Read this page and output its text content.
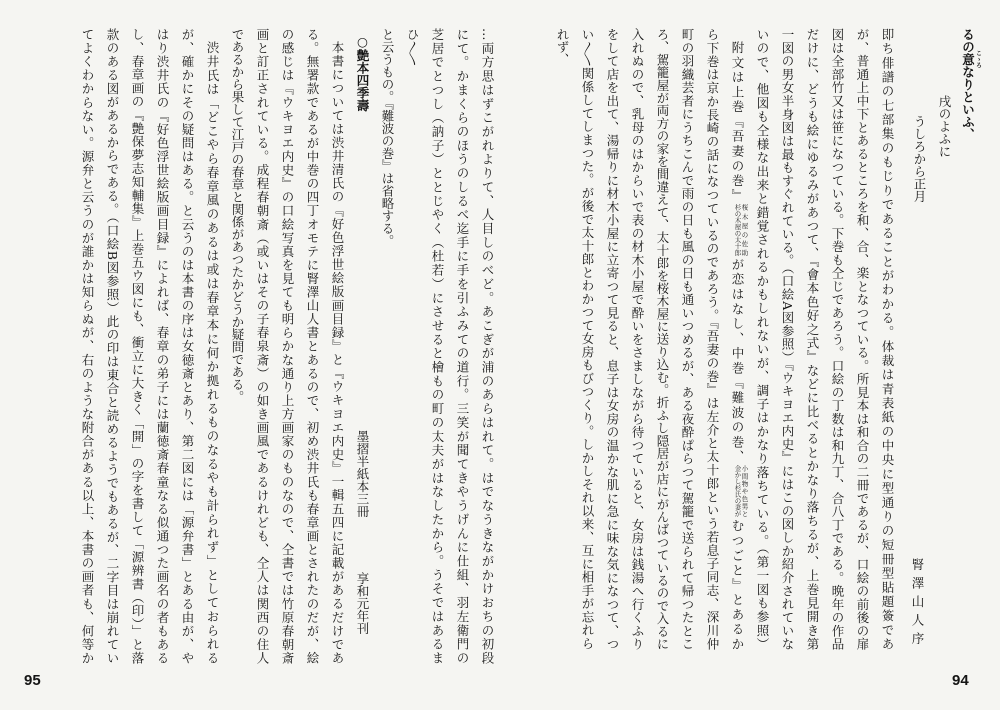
るの意 こゝろなりといふ、
戌のよふに
うしろから正月
腎澤山人序
即ち俳譜の七部集のもじりであることがわかる。体裁は青表紙の中央に型通りの短冊型貼題簽であ
が、普通上中下とあるところを和、合、楽となつている。所見本は和合の二冊であるが、口絵の前後の扉
図は全部竹又は笹になつている。下巻も仝じであろう。口絵の丁数は和九丁、合八丁である。晩年の作品
だけに、どうも絵にゆるみがあつて、『會本色好之式』などに比べるとかなり落ちるが、上巻見開き第
一図の男女半身図は最もすぐれている。（口絵A図参照）『ウキヨエ内史』にはこの図しか紹介されていな
いので、他図も仝様な出来と錯覚されるかもしれないが、調子はかなり落ちている。（第一図も参照）
附文は上巻『吾妻の巻』
桜木屋の佐助
杉の木屋の太十郎
が恋はなし、中巻『難波の巻、
小間物や色男と
金かし杉氏の妻が
むつごと』とあるか
ら下巻は京か長崎の話になつているのであろう。『吾妻の巻』は左介と太十郎という若息子同志、深川仲
町の羽織芸者にうちこんで雨の日も風の日も通いつめるが、ある夜酔ぱらつて駕籠で送られて帰つたとこ
ろ、駕籠屋が両方の家を間違えて、太十郎を桜木屋に送り込む。折ふし隠居が店にがんばつているので入るに
入れぬので、乳母のはからいで表の材木小屋で酔いをさましながら待つていると、女房は銭湯へ行くふり
をして店を出て、湯帰りに材木小屋に立寄つて見ると、息子は女房の温かな肌に急に味な気になつて、つ
い〳〵関係してしまつた。が後で太十郎とわかつて女房もびつくり。しかしそれ以来、互に相手が忘れら
れず、
94
…両方思はずこがれよりて、人目しのべど。あこぎが浦のあらはれて。はでなうきながかけおちの初段
にて。かまくらのほうのしるべ迄手に手を引ふみての道行。三笑が聞てきやうげんに仕組、羽左衛門の
芝居でとつし（訥子）ととじやく（杜若）にさせると檜もの町の太夫がはなしたから。うそではあるま
ひ〳〵
と云うもの。『難波の巻』は省略する。
○艶本四季壽
墨摺半紙本三冊
享和元年刊
本書については渋井清氏の『好色浮世絵版画目録』と『ウキヨエ内史』一輯五四に記載があるだけであ
る。無署款であるが中巻の四丁オモテに腎澤山人書とあるので、初め渋井氏も春章画とされたのだが、絵
の感じは『ウキヨエ内史』の口絵写真を見ても明らかな通り上方画家のものなので、仝書では竹原春朝斎
画と訂正されている。成程春朝斎（或いはその子春泉斎）の如き画風であるけれども、仝人は関西の住人
であるから果して江戸の春章と関係があつたかどうか疑問である。
渋井氏は「どこやら春章風のあるは或は春章本に何か拠れるものなるやも計られず」としておられる
が、確かにその疑問はある。と云うのは本書の序は女徳斎とあり、第二図には「源弁書」とある由が、や
はり渋井氏の『好色浮世絵版画目録』によれば、春章の弟子には蘭徳斎春童なる似通つた画名の者もある
し、春章画の『艶保夢志知輔集』上巻五ウ図にも、衝立に大きく「開」の字を書して「源辨書（印）」と落
款のある図があるからである。（口絵B図参照）此の印は東合と読めるようでもあるが、二字目は崩れてい
てよくわからない。源弁と云うのが誰かは知らぬが、右のような附合がある以上、本書の画者も、何等か
95
